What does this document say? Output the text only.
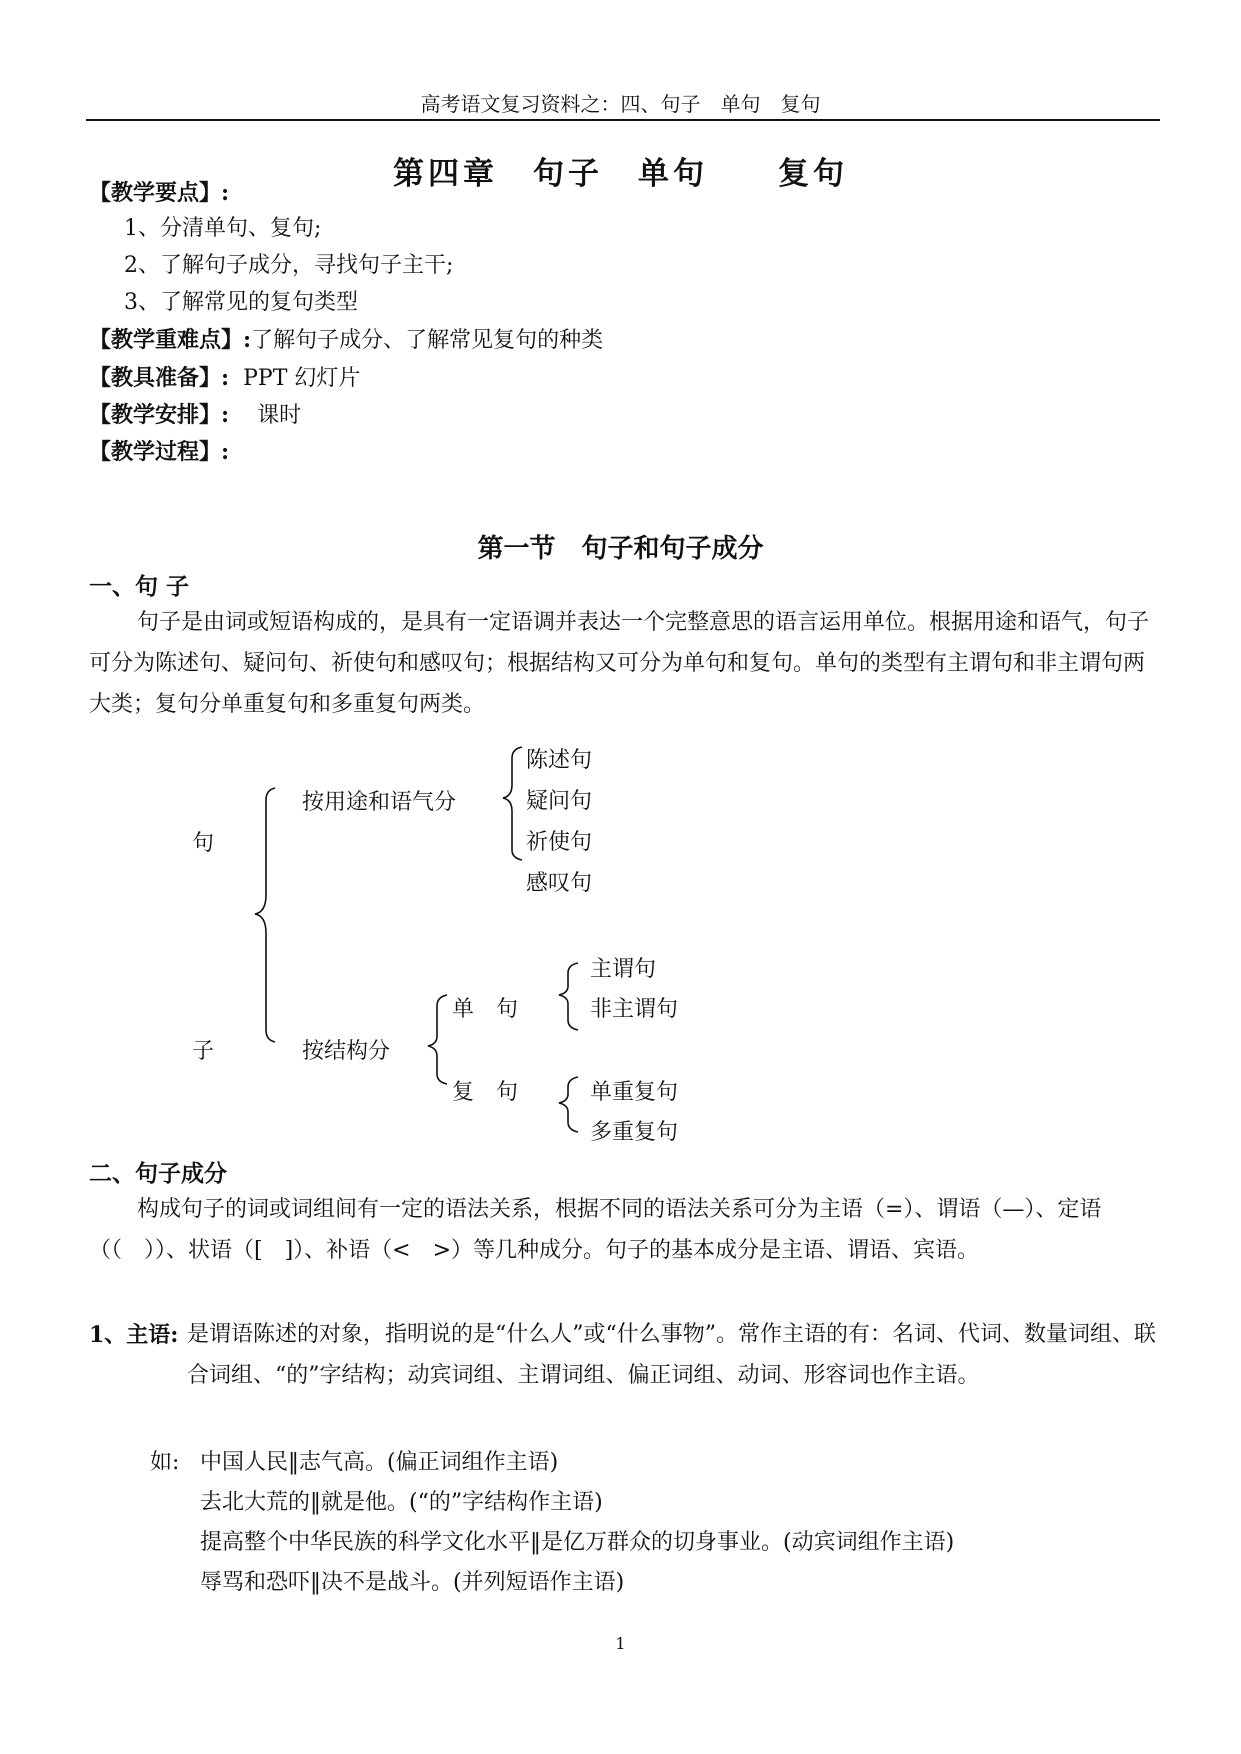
高考语文复习资料之：四、句子　单句　复句
第四章　句子　单句　　复句
【教学要点】:
1、分清单句、复句;
2、了解句子成分，寻找句子主干;
3、了解常见的复句类型
【教学重难点】:了解句子成分、了解常见复句的种类
【教具准备】: PPT 幻灯片
【教学安排】: 课时
【教学过程】:
第一节　句子和句子成分
一、句 子
句子是由词或短语构成的，是具有一定语调并表达一个完整意思的语言运用单位。根据用途和语气，句子可分为陈述句、疑问句、祈使句和感叹句；根据结构又可分为单句和复句。单句的类型有主谓句和非主谓句两大类；复句分单重复句和多重复句两类。
句
子
按用途和语气分
陈述句
疑问句
祈使句
感叹句
按结构分
单　句
主谓句
非主谓句
复　句	单重复句
多重复句
二、句子成分
构成句子的词或词组间有一定的语法关系，根据不同的语法关系可分为主语（=）、谓语（—）、定语（（　））、状语（[　]）、补语（<　>）等几种成分。句子的基本成分是主语、谓语、宾语。
1、主语: 是谓语陈述的对象，指明说的是“什么人”或“什么事物”。常作主语的有：名词、代词、数量词组、联合词组、“的”字结构；动宾词组、主谓词组、偏正词组、动词、形容词也作主语。
如: 中国人民‖志气高。(偏正词组作主语)
去北大荒的‖就是他。(“的”字结构作主语)
提高整个中华民族的科学文化水平‖是亿万群众的切身事业。(动宾词组作主语)
辱骂和恐吓‖决不是战斗。(并列短语作主语)
1
